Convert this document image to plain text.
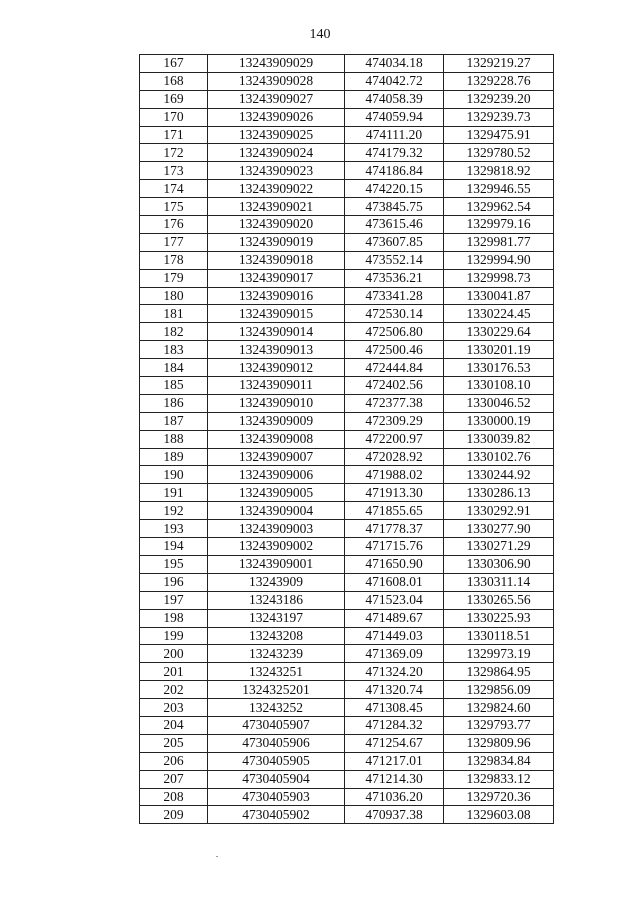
140
167	13243909029	474034.18	1329219.27
168	13243909028	474042.72	1329228.76
169	13243909027	474058.39	1329239.20
170	13243909026	474059.94	1329239.73
171	13243909025	474111.20	1329475.91
172	13243909024	474179.32	1329780.52
173	13243909023	474186.84	1329818.92
174	13243909022	474220.15	1329946.55
175	13243909021	473845.75	1329962.54
176	13243909020	473615.46	1329979.16
177	13243909019	473607.85	1329981.77
178	13243909018	473552.14	1329994.90
179	13243909017	473536.21	1329998.73
180	13243909016	473341.28	1330041.87
181	13243909015	472530.14	1330224.45
182	13243909014	472506.80	1330229.64
183	13243909013	472500.46	1330201.19
184	13243909012	472444.84	1330176.53
185	13243909011	472402.56	1330108.10
186	13243909010	472377.38	1330046.52
187	13243909009	472309.29	1330000.19
188	13243909008	472200.97	1330039.82
189	13243909007	472028.92	1330102.76
190	13243909006	471988.02	1330244.92
191	13243909005	471913.30	1330286.13
192	13243909004	471855.65	1330292.91
193	13243909003	471778.37	1330277.90
194	13243909002	471715.76	1330271.29
195	13243909001	471650.90	1330306.90
196	13243909	471608.01	1330311.14
197	13243186	471523.04	1330265.56
198	13243197	471489.67	1330225.93
199	13243208	471449.03	1330118.51
200	13243239	471369.09	1329973.19
201	13243251	471324.20	1329864.95
202	1324325201	471320.74	1329856.09
203	13243252	471308.45	1329824.60
204	4730405907	471284.32	1329793.77
205	4730405906	471254.67	1329809.96
206	4730405905	471217.01	1329834.84
207	4730405904	471214.30	1329833.12
208	4730405903	471036.20	1329720.36
209	4730405902	470937.38	1329603.08
